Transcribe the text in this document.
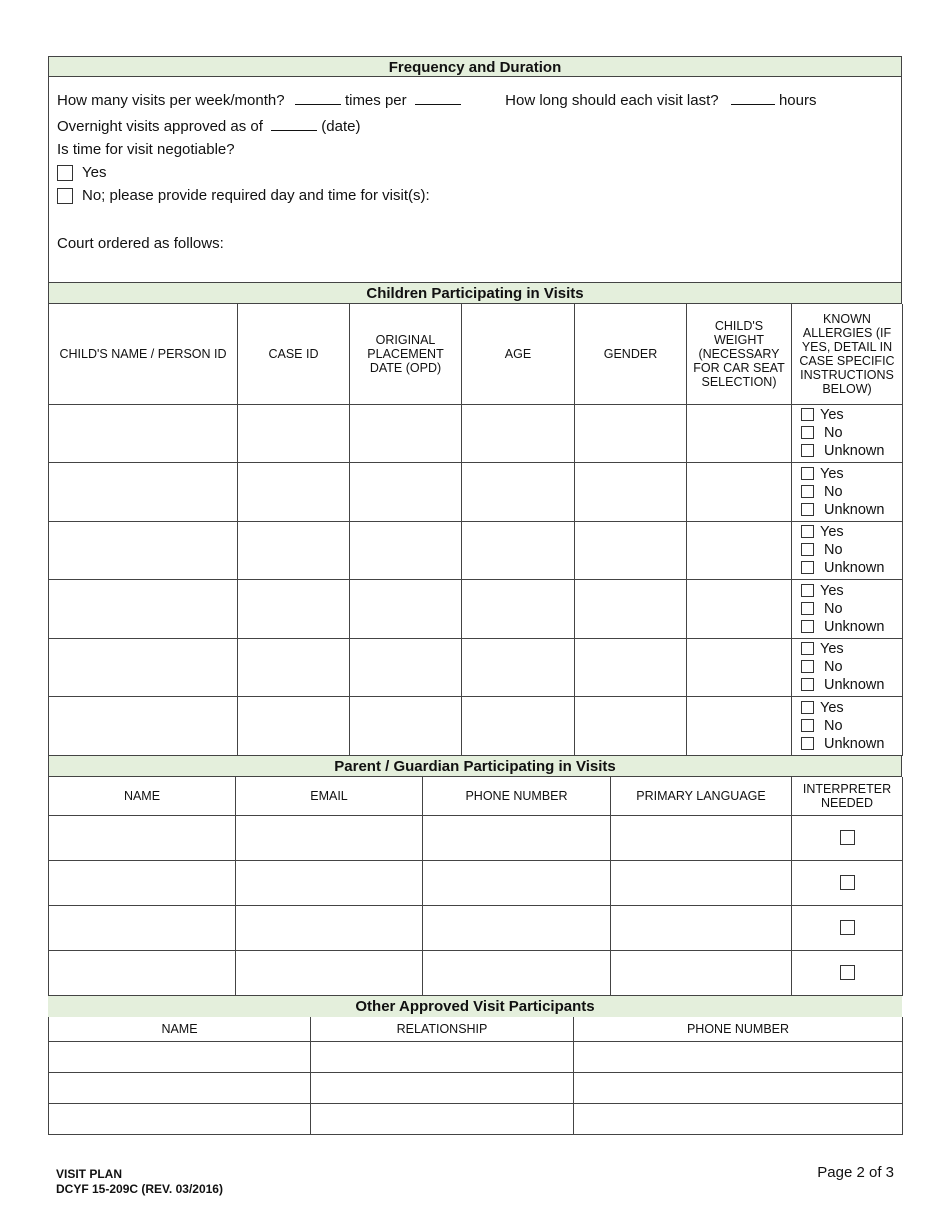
Frequency and Duration
How many visits per week/month?	times per	How long should each visit last?	hours
Overnight visits approved as of	(date)
Is time for visit negotiable?
Yes
No; please provide required day and time for visit(s):
Court ordered as follows:
Children Participating in Visits
CHILD'S NAME / PERSON ID	CASE ID	ORIGINAL PLACEMENT DATE (OPD)	AGE	GENDER	CHILD'S WEIGHT (NECESSARY FOR CAR SEAT SELECTION)	KNOWN ALLERGIES (IF YES, DETAIL IN CASE SPECIFIC INSTRUCTIONS BELOW)

						Yes
No
Unknown

						Yes
No
Unknown

						Yes
No
Unknown

						Yes
No
Unknown

						Yes
No
Unknown

						Yes
No
Unknown
Parent / Guardian Participating in Visits
NAME	EMAIL	PHONE NUMBER	PRIMARY LANGUAGE	INTERPRETER NEEDED

Other Approved Visit Participants
NAME	RELATIONSHIP	PHONE NUMBER

VISIT PLAN
DCYF 15-209C (REV. 03/2016)
Page 2 of 3
